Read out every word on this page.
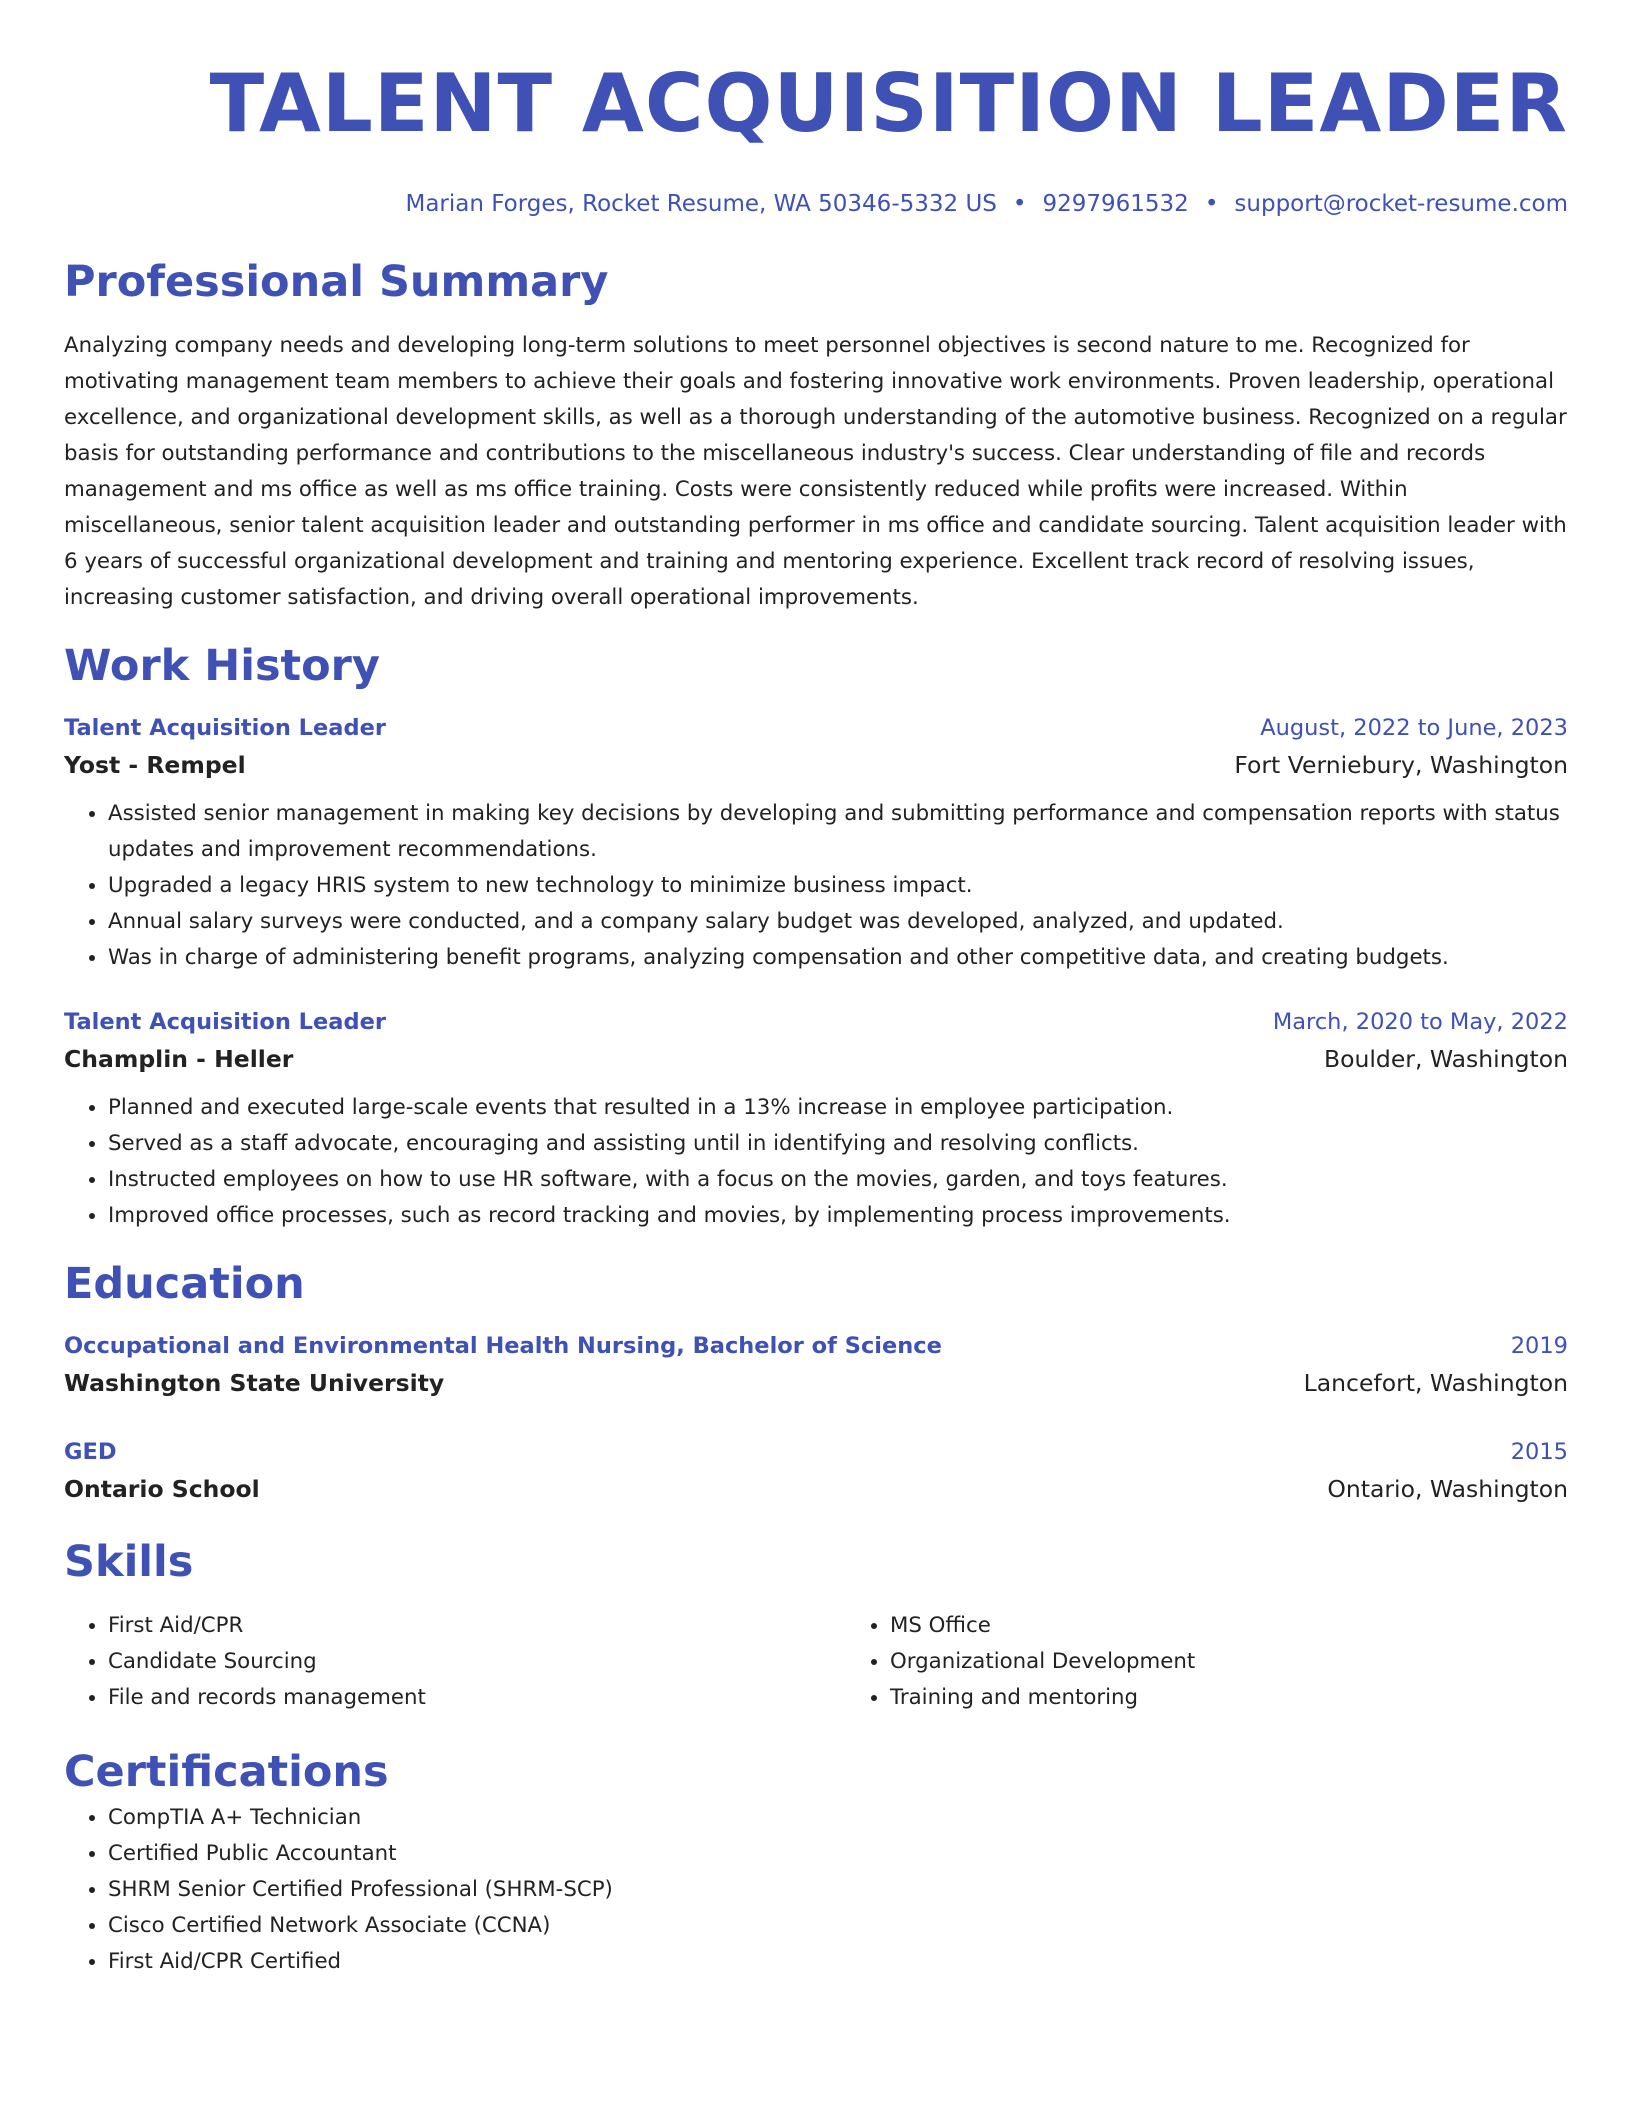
TALENT ACQUISITION LEADER
Marian Forges, Rocket Resume, WA 50346-5332 US • 9297961532 • support@rocket-resume.com
Professional Summary

Analyzing company needs and developing long-term solutions to meet personnel objectives is second nature to me. Recognized for motivating management team members to achieve their goals and fostering innovative work environments. Proven leadership, operational excellence, and organizational development skills, as well as a thorough understanding of the automotive business. Recognized on a regular basis for outstanding performance and contributions to the miscellaneous industry's success. Clear understanding of file and records management and ms office as well as ms office training. Costs were consistently reduced while profits were increased. Within miscellaneous, senior talent acquisition leader and outstanding performer in ms office and candidate sourcing. Talent acquisition leader with 6 years of successful organizational development and training and mentoring experience. Excellent track record of resolving issues, increasing customer satisfaction, and driving overall operational improvements.

Work History
Talent Acquisition Leader	August, 2022 to June, 2023
Yost - Rempel	Fort Verniebury, Washington
• Assisted senior management in making key decisions by developing and submitting performance and compensation reports with status updates and improvement recommendations.
• Upgraded a legacy HRIS system to new technology to minimize business impact.
• Annual salary surveys were conducted, and a company salary budget was developed, analyzed, and updated.
• Was in charge of administering benefit programs, analyzing compensation and other competitive data, and creating budgets.
Talent Acquisition Leader	March, 2020 to May, 2022
Champlin - Heller	Boulder, Washington
• Planned and executed large-scale events that resulted in a 13% increase in employee participation.
• Served as a staff advocate, encouraging and assisting until in identifying and resolving conflicts.
• Instructed employees on how to use HR software, with a focus on the movies, garden, and toys features.
• Improved office processes, such as record tracking and movies, by implementing process improvements.
Education
Occupational and Environmental Health Nursing, Bachelor of Science	2019
Washington State University	Lancefort, Washington
GED	2015
Ontario School	Ontario, Washington
Skills
• First Aid/CPR
• Candidate Sourcing
• File and records management
• MS Office
• Organizational Development
• Training and mentoring
Certifications
• CompTIA A+ Technician
• Certified Public Accountant
• SHRM Senior Certified Professional (SHRM-SCP)
• Cisco Certified Network Associate (CCNA)
• First Aid/CPR Certified
